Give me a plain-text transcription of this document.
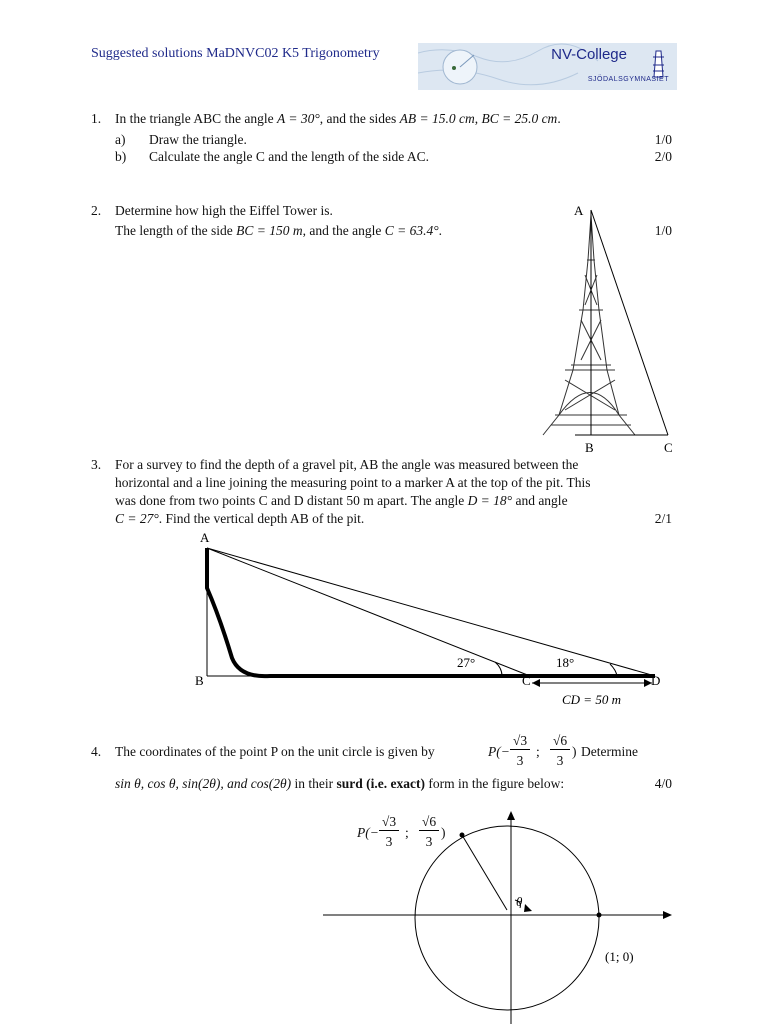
Suggested solutions MaDNVC02 K5 Trigonometry	NV-College
SJÖDALSGYMNASIET
1. In the triangle ABC the angle A = 30°, and the sides AB = 15.0 cm, BC = 25.0 cm.
a) Draw the triangle.	1/0
b) Calculate the angle C and the length of the side AC.	2/0
2. Determine how high the Eiffel Tower is.
The length of the side BC = 150 m, and the angle C = 63.4°.	1/0
A
B	C
3. For a survey to find the depth of a gravel pit, AB the angle was measured between the
horizontal and a line joining the measuring point to a marker A at the top of the pit. This
was done from two points C and D distant 50 m apart. The angle D = 18° and angle
C = 27°. Find the vertical depth AB of the pit.	2/1
A
B	C	D
27°	18°
CD = 50 m
4. The coordinates of the point P on the unit circle is given by	P(−
√3
3
;
√6
3
) Determine
sin θ, cos θ, sin(2θ), and cos(2θ) in their surd (i.e. exact) form in the figure below:	4/0
θ
(1; 0)
P(−
√3
3
;
√6
3
)
